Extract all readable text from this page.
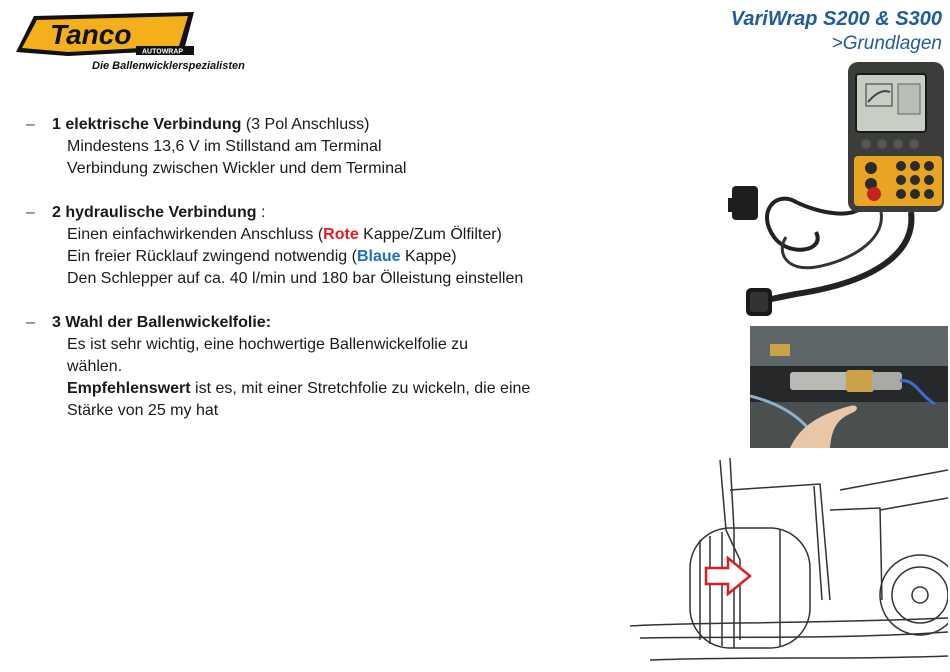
Tanco
AUTOWRAP
Die Ballenwicklerspezialisten
VariWrap S200 & S300
>Grundlagen
–	1 elektrische Verbindung (3 Pol Anschluss)
Mindestens 13,6 V im Stillstand am Terminal
Verbindung zwischen Wickler und dem Terminal
–	2 hydraulische Verbindung :
Einen einfachwirkenden Anschluss (Rote Kappe/Zum Ölfilter)
Ein freier Rücklauf zwingend notwendig (Blaue Kappe)
Den Schlepper auf ca. 40 l/min und 180 bar Ölleistung einstellen
–	3 Wahl der Ballenwickelfolie:
Es ist sehr wichtig, eine hochwertige Ballenwickelfolie zu
wählen.
Empfehlenswert ist es, mit einer Stretchfolie zu wickeln, die eine
Stärke von 25 my hat
